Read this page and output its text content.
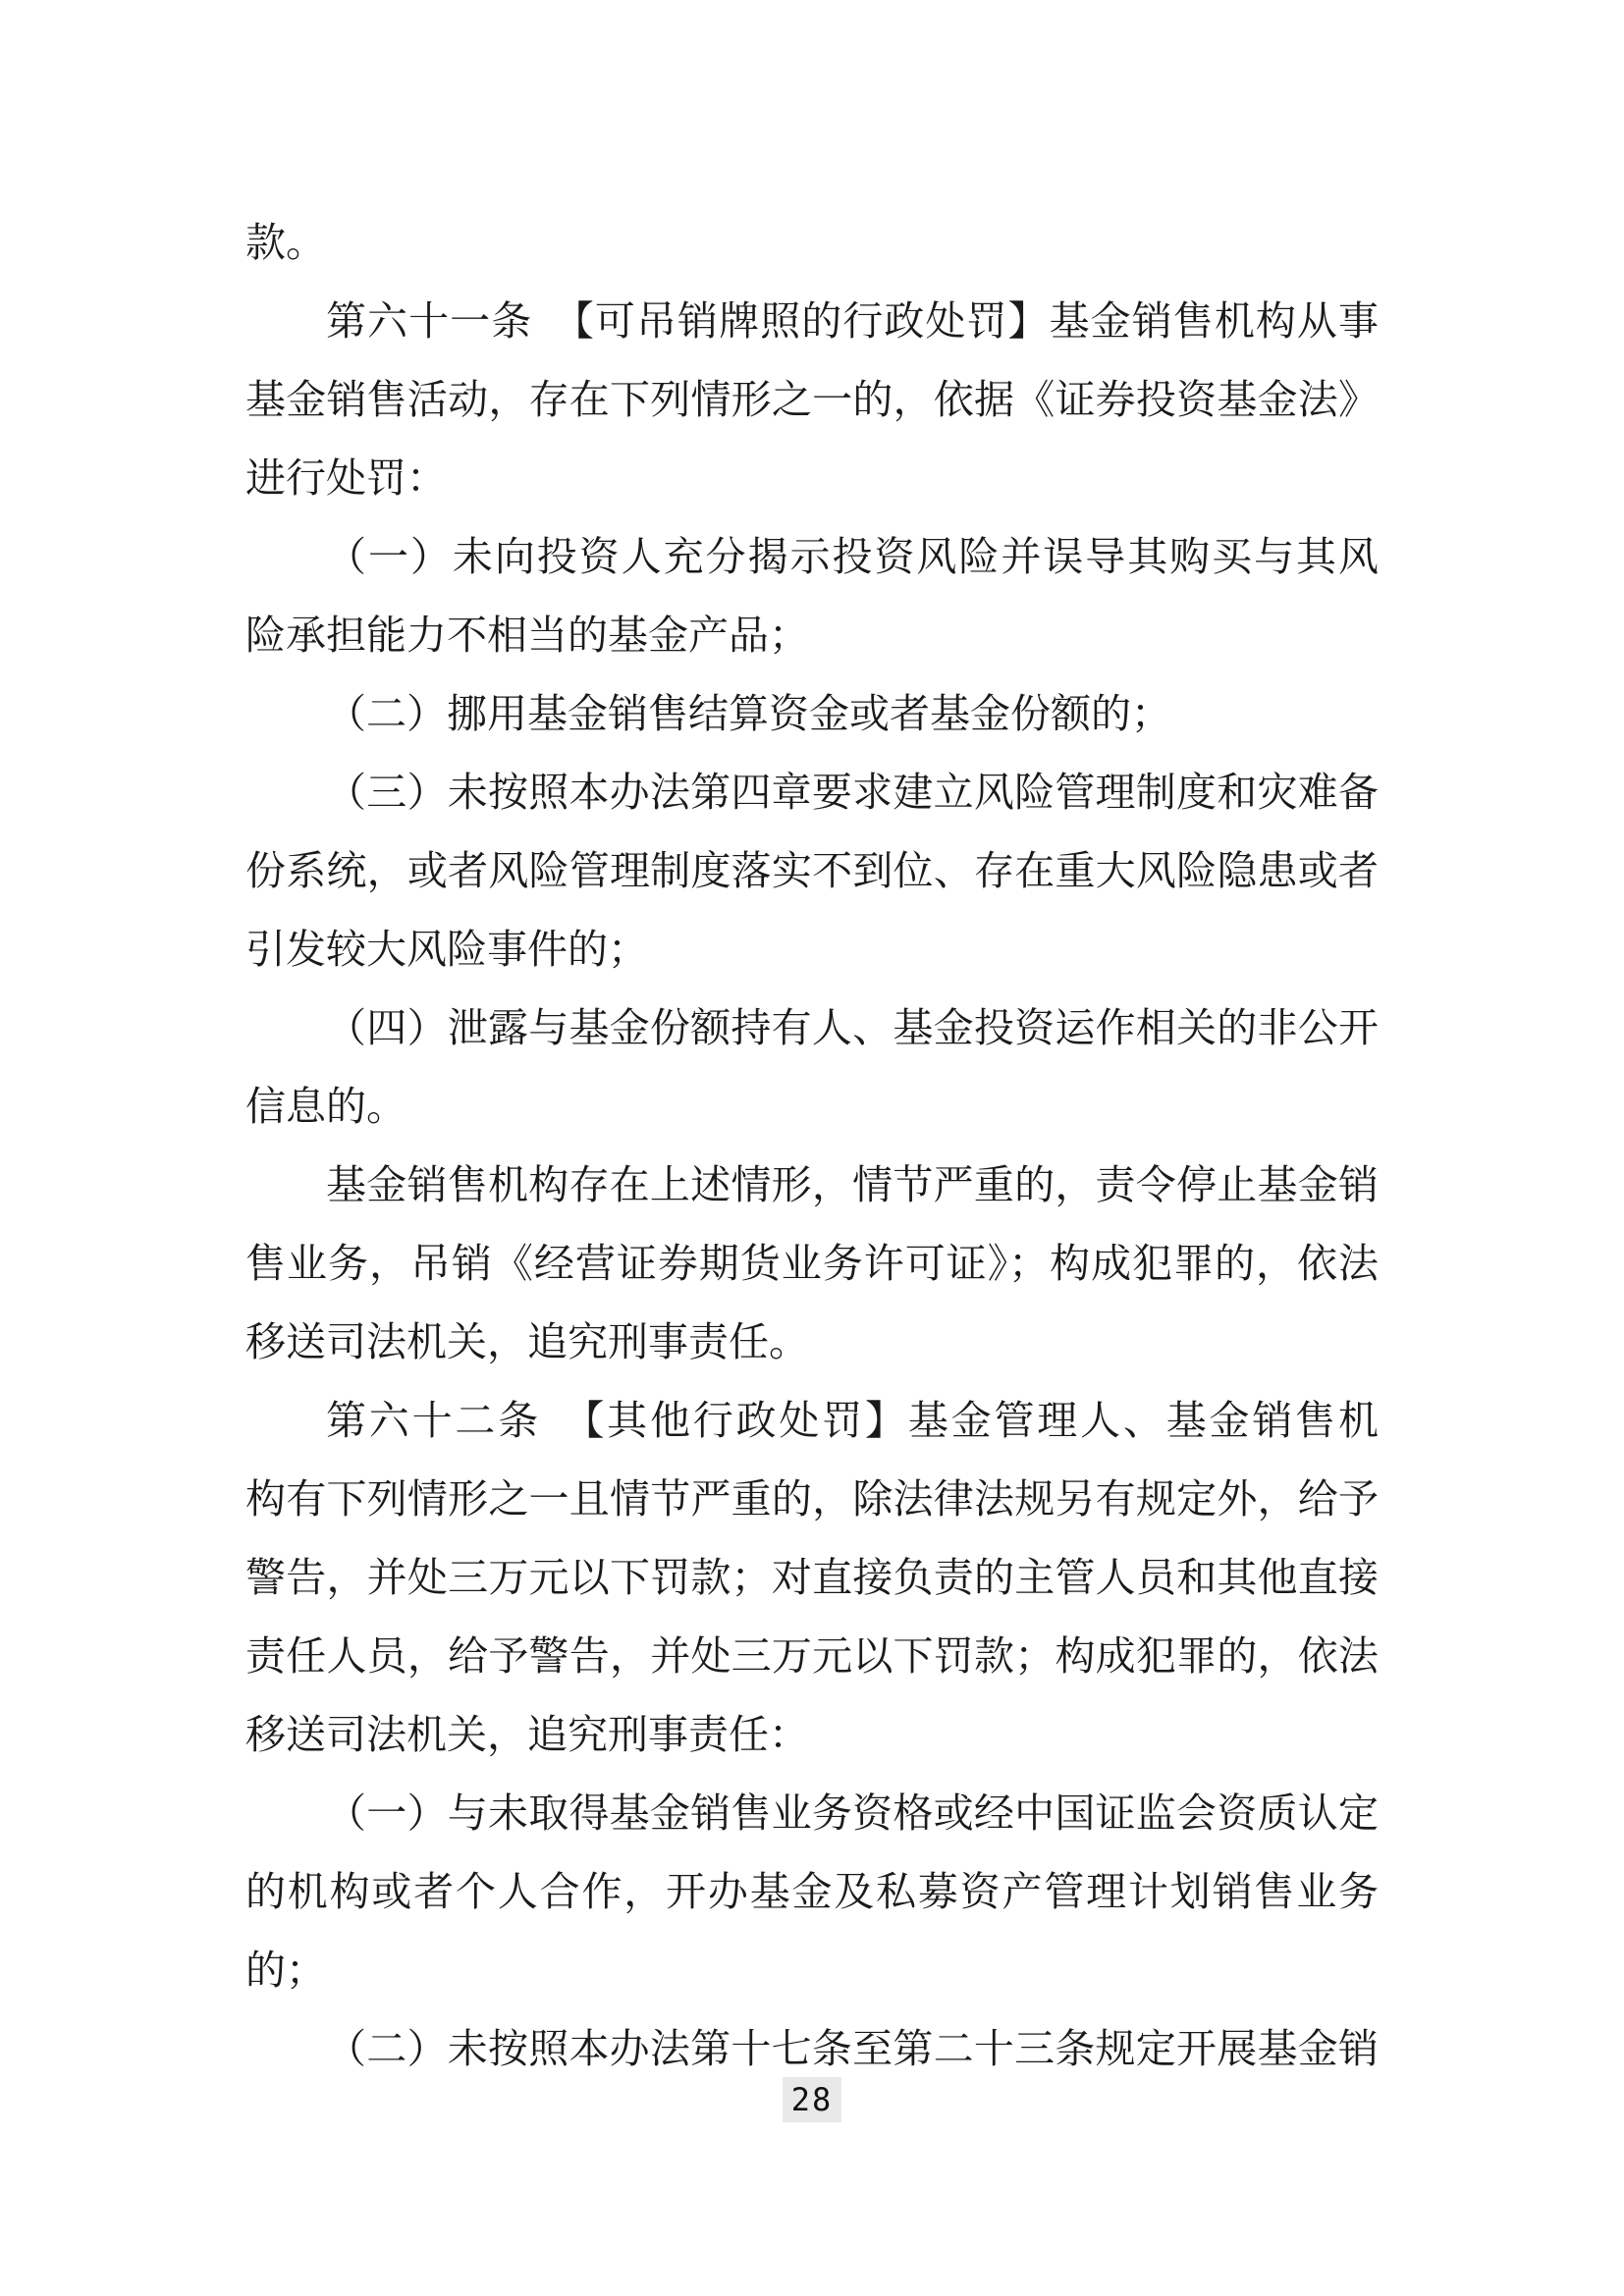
款。
第六十一条　【可吊销牌照的行政处罚】基金销售机构从事
基金销售活动，存在下列情形之一的，依据《证券投资基金法》
进行处罚：
（一）未向投资人充分揭示投资风险并误导其购买与其风
险承担能力不相当的基金产品；
（二）挪用基金销售结算资金或者基金份额的；
（三）未按照本办法第四章要求建立风险管理制度和灾难备
份系统，或者风险管理制度落实不到位、存在重大风险隐患或者
引发较大风险事件的；
（四）泄露与基金份额持有人、基金投资运作相关的非公开
信息的。
基金销售机构存在上述情形，情节严重的，责令停止基金销
售业务，吊销《经营证券期货业务许可证》；构成犯罪的，依法
移送司法机关，追究刑事责任。
第六十二条　【其他行政处罚】基金管理人、基金销售机
构有下列情形之一且情节严重的，除法律法规另有规定外，给予
警告，并处三万元以下罚款；对直接负责的主管人员和其他直接
责任人员，给予警告，并处三万元以下罚款；构成犯罪的，依法
移送司法机关，追究刑事责任：
（一）与未取得基金销售业务资格或经中国证监会资质认定
的机构或者个人合作，开办基金及私募资产管理计划销售业务
的；
（二）未按照本办法第十七条至第二十三条规定开展基金销
28
